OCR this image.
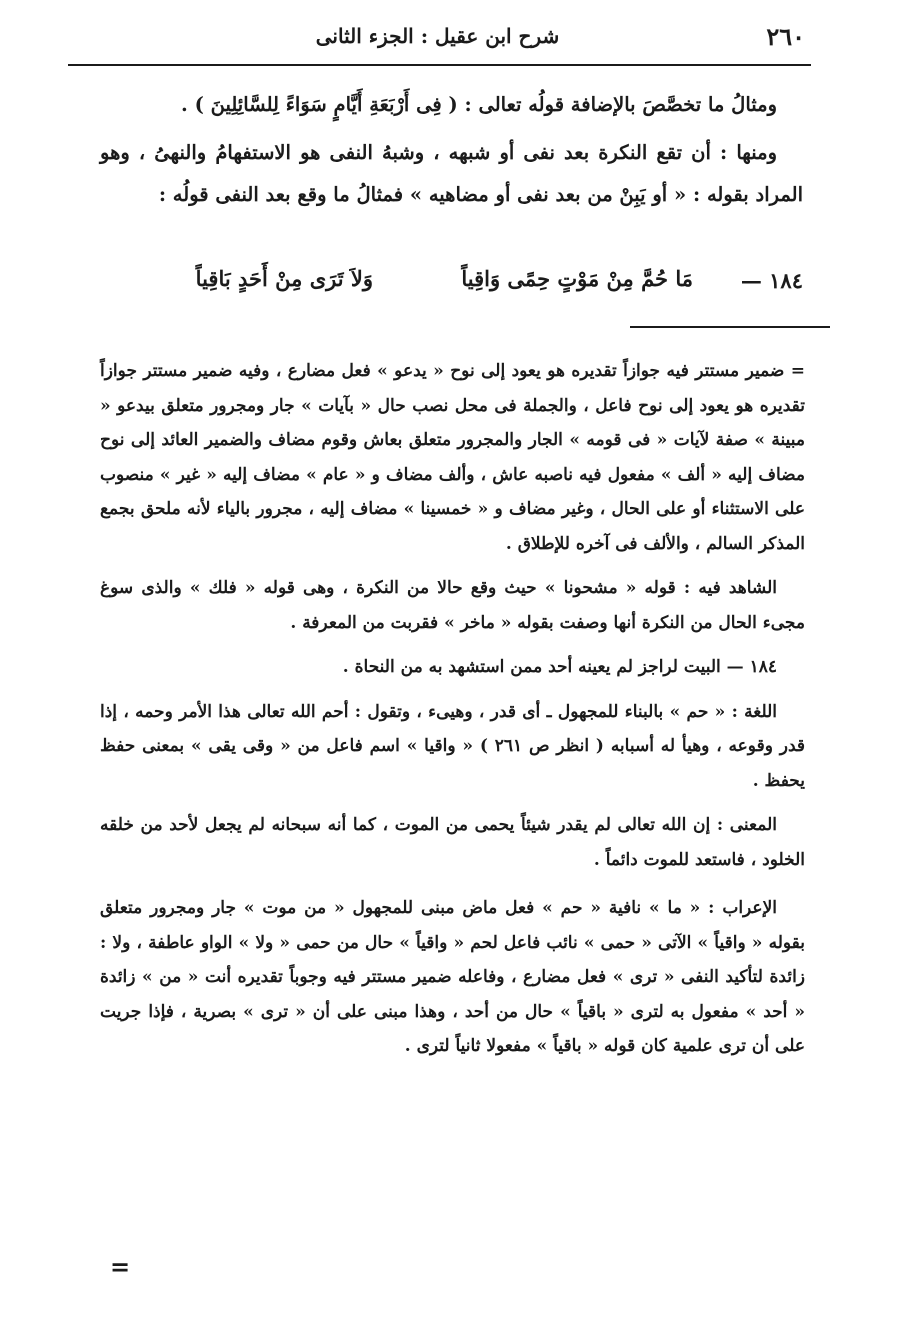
٢٦٠
شرح ابن عقيل : الجزء الثانى

ومثالُ ما تخصَّصَ بالإضافة قولُه تعالى : ( فِى أَرْبَعَةِ أَيَّامٍ سَوَاءً لِلسَّائِلِينَ ) .

ومنها : أن تقع النكرة بعد نفى أو شبهه ، وشبهُ النفى هو الاستفهامُ والنهىُ ، وهو المراد بقوله : « أو يَبِنْ من بعد نفى أو مضاهيه » فمثالُ ما وقع بعد النفى قولُه :

١٨٤ —
مَا حُمَّ مِنْ مَوْتٍ حِمًى وَاقِياً
وَلاَ تَرَى مِنْ أَحَدٍ بَاقِياً

= ضمير مستتر فيه جوازاً تقديره هو يعود إلى نوح « يدعو » فعل مضارع ، وفيه ضمير مستتر جوازاً تقديره هو يعود إلى نوح فاعل ، والجملة فى محل نصب حال « بآيات » جار ومجرور متعلق بيدعو « مبينة » صفة لآيات « فى قومه » الجار والمجرور متعلق بعاش وقوم مضاف والضمير العائد إلى نوح مضاف إليه « ألف » مفعول فيه ناصبه عاش ، وألف مضاف و « عام » مضاف إليه « غير » منصوب على الاستثناء أو على الحال ، وغير مضاف و « خمسينا » مضاف إليه ، مجرور بالياء لأنه ملحق بجمع المذكر السالم ، والألف فى آخره للإطلاق .

الشاهد فيه : قوله « مشحونا » حيث وقع حالا من النكرة ، وهى قوله « فلك » والذى سوغ مجىء الحال من النكرة أنها وصفت بقوله « ماخر » فقربت من المعرفة .

١٨٤ — البيت لراجز لم يعينه أحد ممن استشهد به من النحاة .

اللغة : « حم » بالبناء للمجهول ـ أى قدر ، وهيىء ، وتقول : أحم الله تعالى هذا الأمر وحمه ، إذا قدر وقوعه ، وهيأ له أسبابه ( انظر ص ٢٦١ ) « واقيا » اسم فاعل من « وقى يقى » بمعنى حفظ يحفظ .

المعنى : إن الله تعالى لم يقدر شيئاً يحمى من الموت ، كما أنه سبحانه لم يجعل لأحد من خلقه الخلود ، فاستعد للموت دائماً .

الإعراب : « ما » نافية « حم » فعل ماض مبنى للمجهول « من موت » جار ومجرور متعلق بقوله « واقياً » الآتى « حمى » نائب فاعل لحم « واقياً » حال من حمى « ولا » الواو عاطفة ، ولا : زائدة لتأكيد النفى « ترى » فعل مضارع ، وفاعله ضمير مستتر فيه وجوباً تقديره أنت « من » زائدة « أحد » مفعول به لترى « باقياً » حال من أحد ، وهذا مبنى على أن « ترى » بصرية ، فإذا جريت على أن ترى علمية كان قوله « باقياً » مفعولا ثانياً لترى .

=
